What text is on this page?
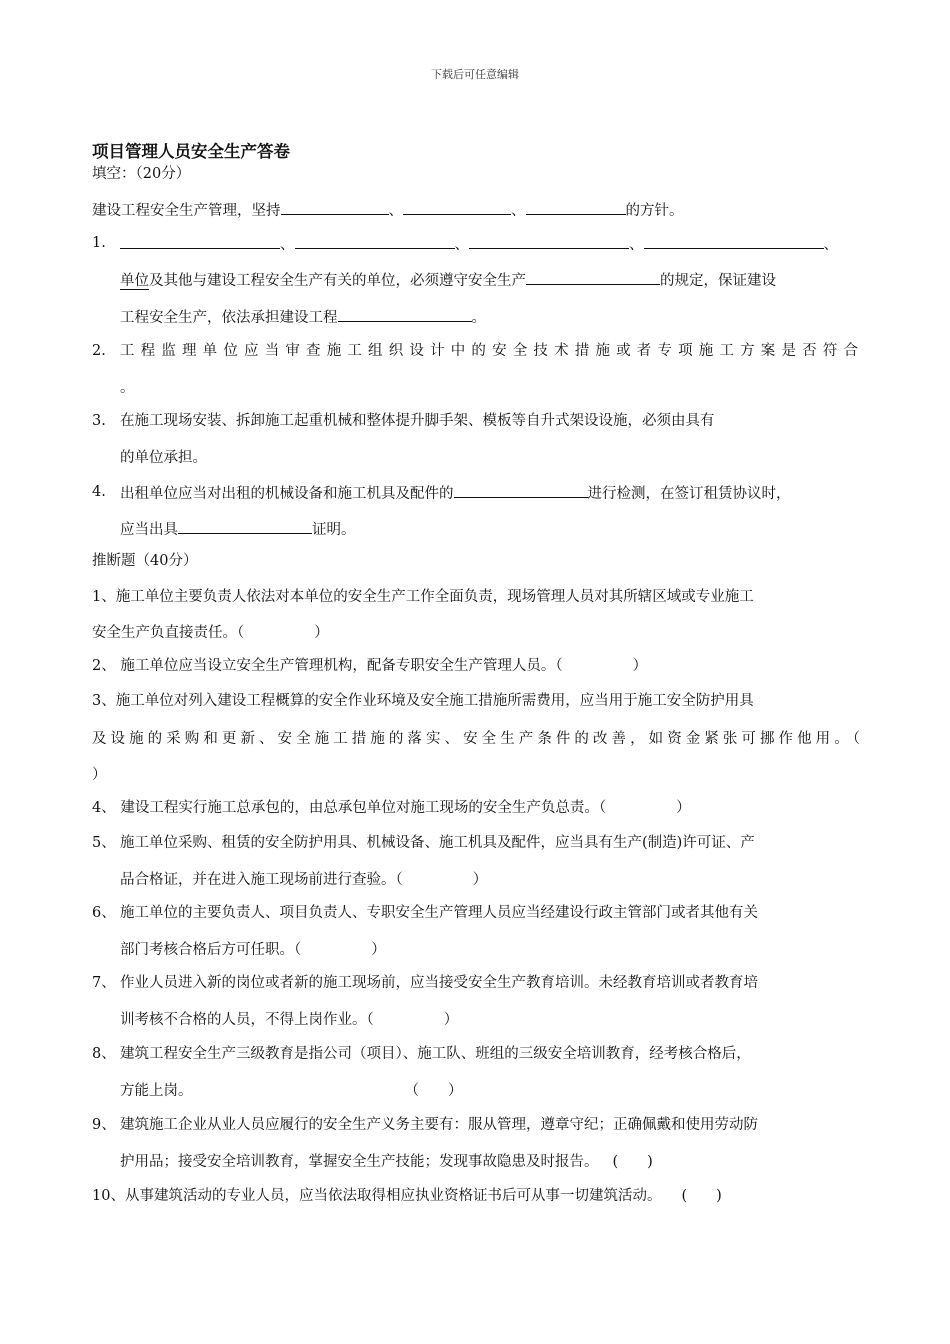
下载后可任意编辑
项目管理人员安全生产答卷
填空：（20分）
建设工程安全生产管理，坚持	、	、	的方针。
1.	、	、	、	、
单位及其他与建设工程安全生产有关的单位，必须遵守安全生产	的规定，保证建设
工程安全生产，依法承担建设工程	。
2. 工程监理单位应当审查施工组织设计中的安全技术措施或者专项施工方案是否符合
。
3. 在施工现场安装、拆卸施工起重机械和整体提升脚手架、模板等自升式架设设施，必须由具有
的单位承担。
4. 出租单位应当对出租的机械设备和施工机具及配件的	进行检测，在签订租赁协议时，
应当出具	证明。
推断题（40分）
1、施工单位主要负责人依法对本单位的安全生产工作全面负责，现场管理人员对其所辖区域或专业施工
安全生产负直接责任。（	）
2、 施工单位应当设立安全生产管理机构，配备专职安全生产管理人员。（	）
3、施工单位对列入建设工程概算的安全作业环境及安全施工措施所需费用，应当用于施工安全防护用具
及设施的采购和更新、安全施工措施的落实、安全生产条件的改善，如资金紧张可挪作他用。（
）
4、 建设工程实行施工总承包的，由总承包单位对施工现场的安全生产负总责。（	）
5、 施工单位采购、租赁的安全防护用具、机械设备、施工机具及配件，应当具有生产(制造)许可证、产
品合格证，并在进入施工现场前进行查验。（	）
6、 施工单位的主要负责人、项目负责人、专职安全生产管理人员应当经建设行政主管部门或者其他有关
部门考核合格后方可任职。（	）
7、 作业人员进入新的岗位或者新的施工现场前，应当接受安全生产教育培训。未经教育培训或者教育培
训考核不合格的人员，不得上岗作业。（	）
8、 建筑工程安全生产三级教育是指公司（项目）、施工队、班组的三级安全培训教育，经考核合格后，
方能上岗。	（　　）
9、 建筑施工企业从业人员应履行的安全生产义务主要有：服从管理，遵章守纪；正确佩戴和使用劳动防
护用品；接受安全培训教育，掌握安全生产技能；发现事故隐患及时报告。 (　　)
10、从事建筑活动的专业人员，应当依法取得相应执业资格证书后可从事一切建筑活动。 (　　)
